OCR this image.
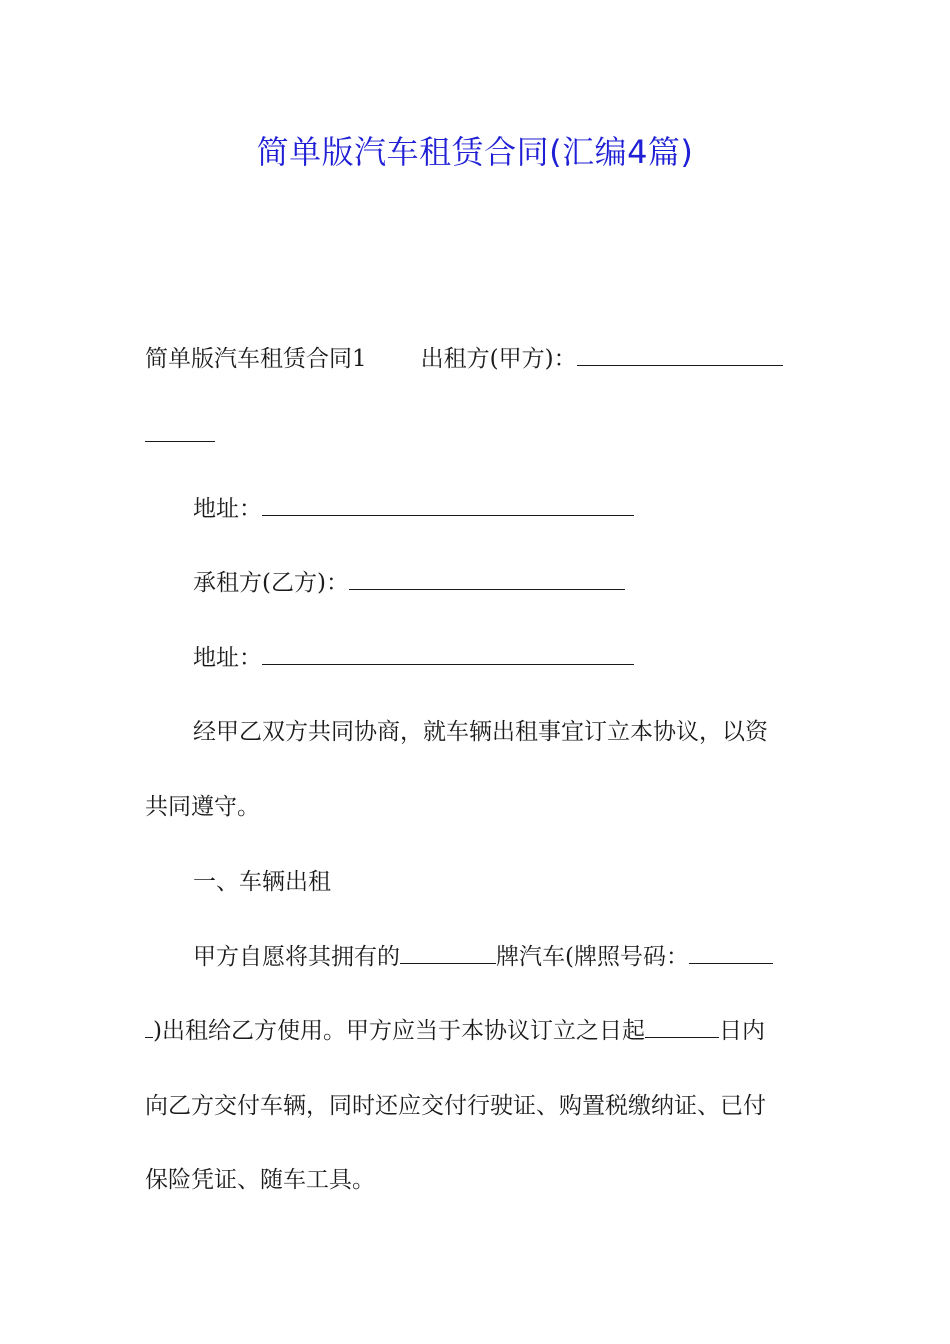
简单版汽车租赁合同(汇编4篇)
简单版汽车租赁合同1 出租方(甲方)：
地址：
承租方(乙方)：
地址：
经甲乙双方共同协商，就车辆出租事宜订立本协议，以资
共同遵守。
一、车辆出租
甲方自愿将其拥有的	牌汽车(牌照号码：
)出租给乙方使用。甲方应当于本协议订立之日起	日内
向乙方交付车辆，同时还应交付行驶证、购置税缴纳证、已付
保险凭证、随车工具。
